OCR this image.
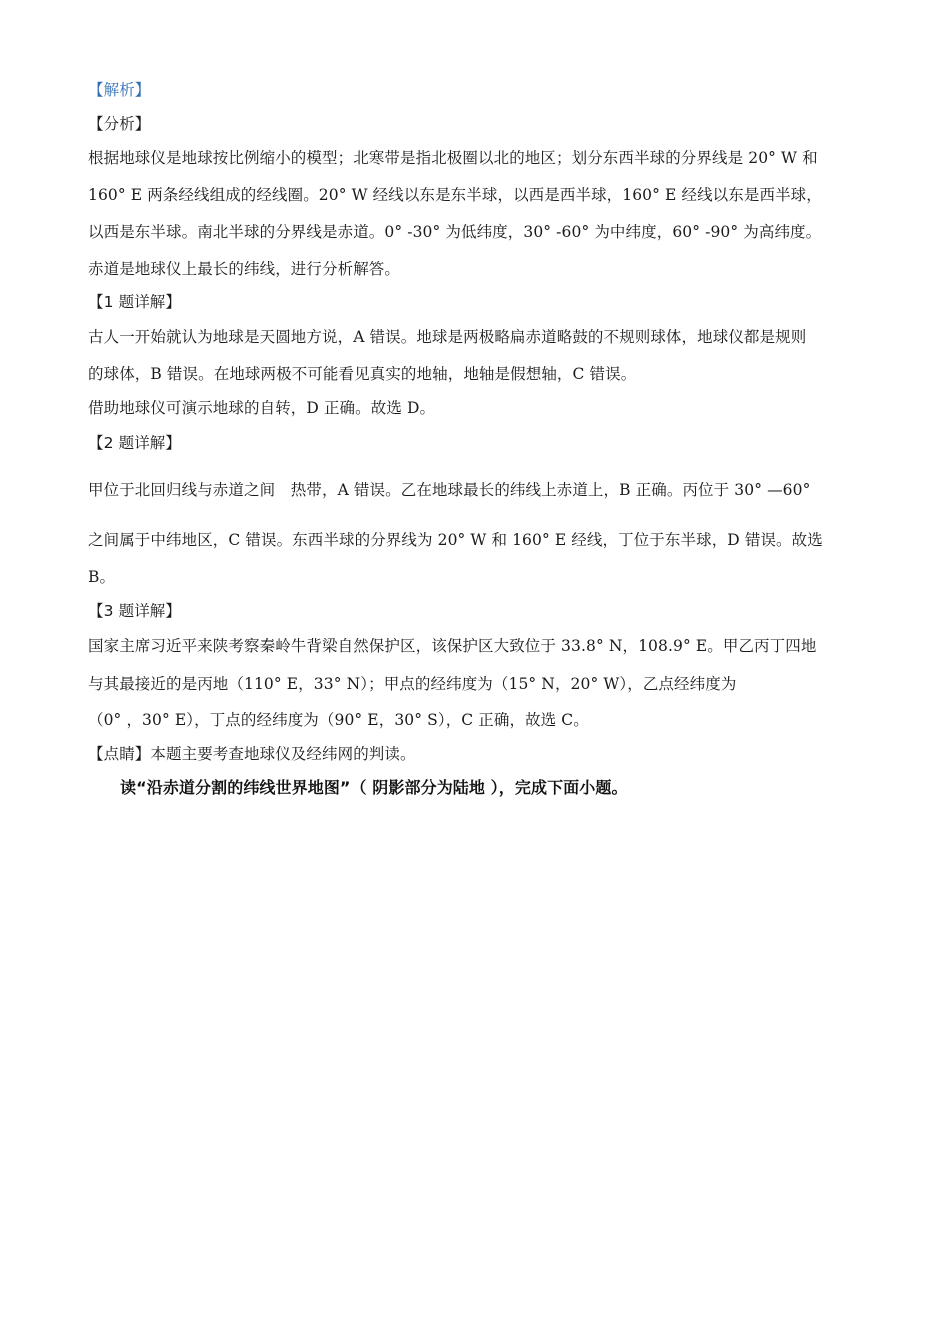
【解析】
【分析】
根据地球仪是地球按比例缩小的模型；北寒带是指北极圈以北的地区；划分东西半球的分界线是 20° W 和
160° E 两条经线组成的经线圈。20° W 经线以东是东半球，以西是西半球，160° E 经线以东是西半球，
以西是东半球。南北半球的分界线是赤道。0° -30° 为低纬度，30° -60° 为中纬度，60° -90° 为高纬度。
赤道是地球仪上最长的纬线，进行分析解答。
【1 题详解】
古人一开始就认为地球是天圆地方说，A 错误。地球是两极略扁赤道略鼓的不规则球体，地球仪都是规则
的球体，B 错误。在地球两极不可能看见真实的地轴，地轴是假想轴，C 错误。
借助地球仪可演示地球的自转，D 正确。故选 D。
【2 题详解】
甲位于北回归线与赤道之间　热带，A 错误。乙在地球最长的纬线上赤道上，B 正确。丙位于 30° —60°
之间属于中纬地区，C 错误。东西半球的分界线为 20° W 和 160° E 经线，丁位于东半球，D 错误。故选
B。
【3 题详解】
国家主席习近平来陕考察秦岭牛背梁自然保护区，该保护区大致位于 33.8° N，108.9° E。甲乙丙丁四地
与其最接近的是丙地（110° E，33° N）；甲点的经纬度为（15° N，20° W），乙点经纬度为
（0° ，30° E），丁点的经纬度为（90° E，30° S），C 正确，故选 C。
【点睛】本题主要考查地球仪及经纬网的判读。
读“沿赤道分割的纬线世界地图”（ 阴影部分为陆地 ），完成下面小题。
